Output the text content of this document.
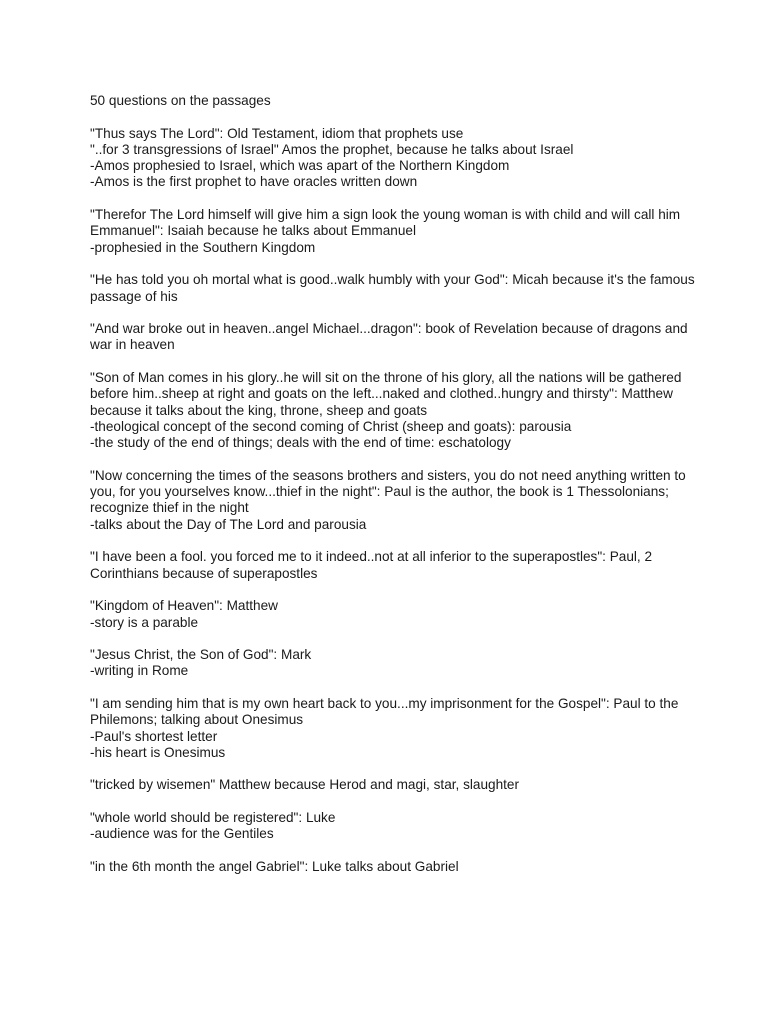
50 questions on the passages
"Thus says The Lord": Old Testament, idiom that prophets use
"..for 3 transgressions of Israel" Amos the prophet, because he talks about Israel
-Amos prophesied to Israel, which was apart of the Northern Kingdom
-Amos is the first prophet to have oracles written down
"Therefor The Lord himself will give him a sign look the young woman is with child and will call him Emmanuel": Isaiah because he talks about Emmanuel
-prophesied in the Southern Kingdom
"He has told you oh mortal what is good..walk humbly with your God": Micah because it's the famous passage of his
"And war broke out in heaven..angel Michael...dragon": book of Revelation because of dragons and war in heaven
"Son of Man comes in his glory..he will sit on the throne of his glory, all the nations will be gathered before him..sheep at right and goats on the left...naked and clothed..hungry and thirsty": Matthew because it talks about the king, throne, sheep and goats
-theological concept of the second coming of Christ (sheep and goats): parousia
-the study of the end of things; deals with the end of time: eschatology
"Now concerning the times of the seasons brothers and sisters, you do not need anything written to you, for you yourselves know...thief in the night": Paul is the author, the book is 1 Thessolonians; recognize thief in the night
-talks about the Day of The Lord and parousia
"I have been a fool. you forced me to it indeed..not at all inferior to the superapostles": Paul, 2 Corinthians because of superapostles
"Kingdom of Heaven": Matthew
-story is a parable
"Jesus Christ, the Son of God": Mark
-writing in Rome
"I am sending him that is my own heart back to you...my imprisonment for the Gospel": Paul to the Philemons; talking about Onesimus
-Paul's shortest letter
-his heart is Onesimus
"tricked by wisemen" Matthew because Herod and magi, star, slaughter
"whole world should be registered": Luke
-audience was for the Gentiles
"in the 6th month the angel Gabriel": Luke talks about Gabriel
